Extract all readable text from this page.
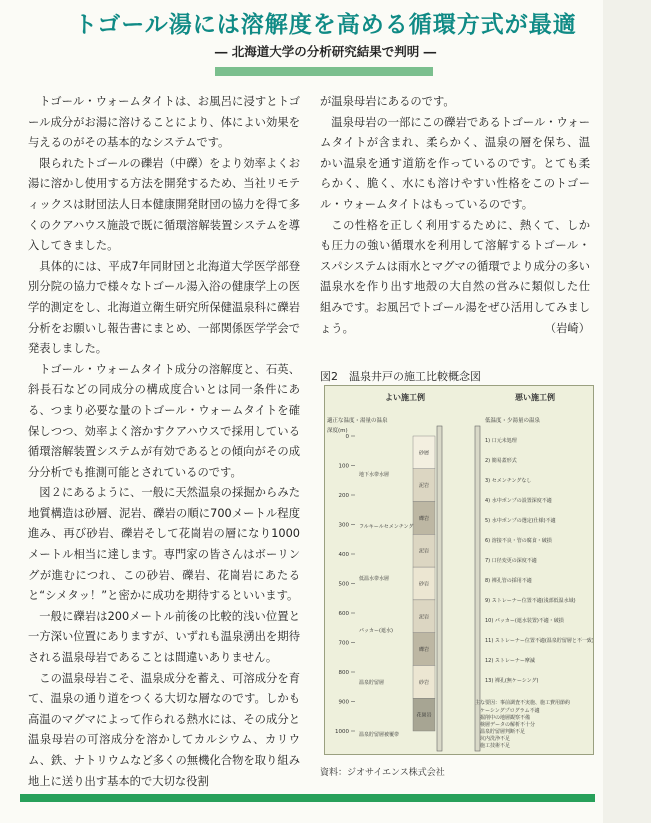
トゴール湯には溶解度を高める循環方式が最適
― 北海道大学の分析研究結果で判明 ―

トゴール・ウォームタイトは、お風呂に浸すとトゴール成分がお湯に溶けることにより、体によい効果を与えるのがその基本的なシステムです。

限られたトゴールの礫岩（中礫）をより効率よくお湯に溶かし使用する方法を開発するため、当社リモティックスは財団法人日本健康開発財団の協力を得て多くのクアハウス施設で既に循環溶解装置システムを導入してきました。

具体的には、平成7年同財団と北海道大学医学部登別分院の協力で様々なトゴール湯入浴の健康学上の医学的測定をし、北海道立衛生研究所保健温泉科に礫岩分析をお願いし報告書にまとめ、一部関係医学学会で発表しました。

トゴール・ウォームタイト成分の溶解度と、石英、斜長石などの同成分の構成度合いとは同一条件にある、つまり必要な量のトゴール・ウォームタイトを確保しつつ、効率よく溶かすクアハウスで採用している循環溶解装置システムが有効であるとの傾向がその成分分析でも推測可能とされているのです。

図２にあるように、一般に天然温泉の採掘からみた地質構造は砂層、泥岩、礫岩の順に700メートル程度進み、再び砂岩、礫岩そして花崗岩の層になり1000メートル相当に達します。専門家の皆さんはボーリングが進むにつれ、この砂岩、礫岩、花崗岩にあたると“シメタッ！”と密かに成功を期待するといいます。

一般に礫岩は200メートル前後の比較的浅い位置と一方深い位置にありますが、いずれも温泉湧出を期待される温泉母岩であることは間違いありません。

この温泉母岩こそ、温泉成分を蓄え、可溶成分を育て、温泉の通り道をつくる大切な層なのです。しかも高温のマグマによって作られる熱水には、その成分と温泉母岩の可溶成分を溶かしてカルシウム、カリウム、鉄、ナトリウムなど多くの無機化合物を取り組み地上に送り出す基本的で大切な役割

が温泉母岩にあるのです。

温泉母岩の一部にこの礫岩であるトゴール・ウォームタイトが含まれ、柔らかく、温泉の層を保ち、温かい温泉を通す道筋を作っているのです。とても柔らかく、脆く、水にも溶けやすい性格をこのトゴール・ウォームタイトはもっているのです。

この性格を正しく利用するために、熱くて、しかも圧力の強い循環水を利用して溶解するトゴール・スパシステムは雨水とマグマの循環でより成分の多い温泉水を作り出す地殻の大自然の営みに類似した仕組みです。お風呂でトゴール湯をぜひ活用してみましょう。	（岩崎）

図2　温泉井戸の施工比較概念図
よい施工例	悪い施工例
適正な温度・湯量の温泉	低温度・少湯量の温泉
深度(m)
0
100
200
300
400
500
600
700
800
900
1000
砂層
泥岩
礫岩
泥岩
砂岩
泥岩
礫岩
砂岩
花崗岩
地下水帯水層
フルキールセメンチング
低温水帯水層
パッカー(遮水)
温泉貯留層
温泉貯留層被覆帯
1) 口元未処理
2) 簡易蓋形式
3) セメンチングなし
4) 水中ポンプの設置深度不適
5) 水中ポンプの選定(仕様)不適
6) 溶接不良・管の腐食・破損
7) 口径変更の深度不適
8) 裸孔管の採用不適
9) ストレーナー位置不適(浅部低温水域)
10) パッカー(遮水装置)不適・破損
11) ストレーナー位置不適(温泉貯留層と不一致)
12) ストレーナー摩滅
13) 裸孔(無ケーシング)
主な要因：事前調査不実施、施工費用節約
ケーシングプログラム不適
掘削中の地層観察不備
検層データの解析不十分
温泉貯留層判断不足
坑内洗浄不足
施工技術不足
資料：ジオサイエンス株式会社
